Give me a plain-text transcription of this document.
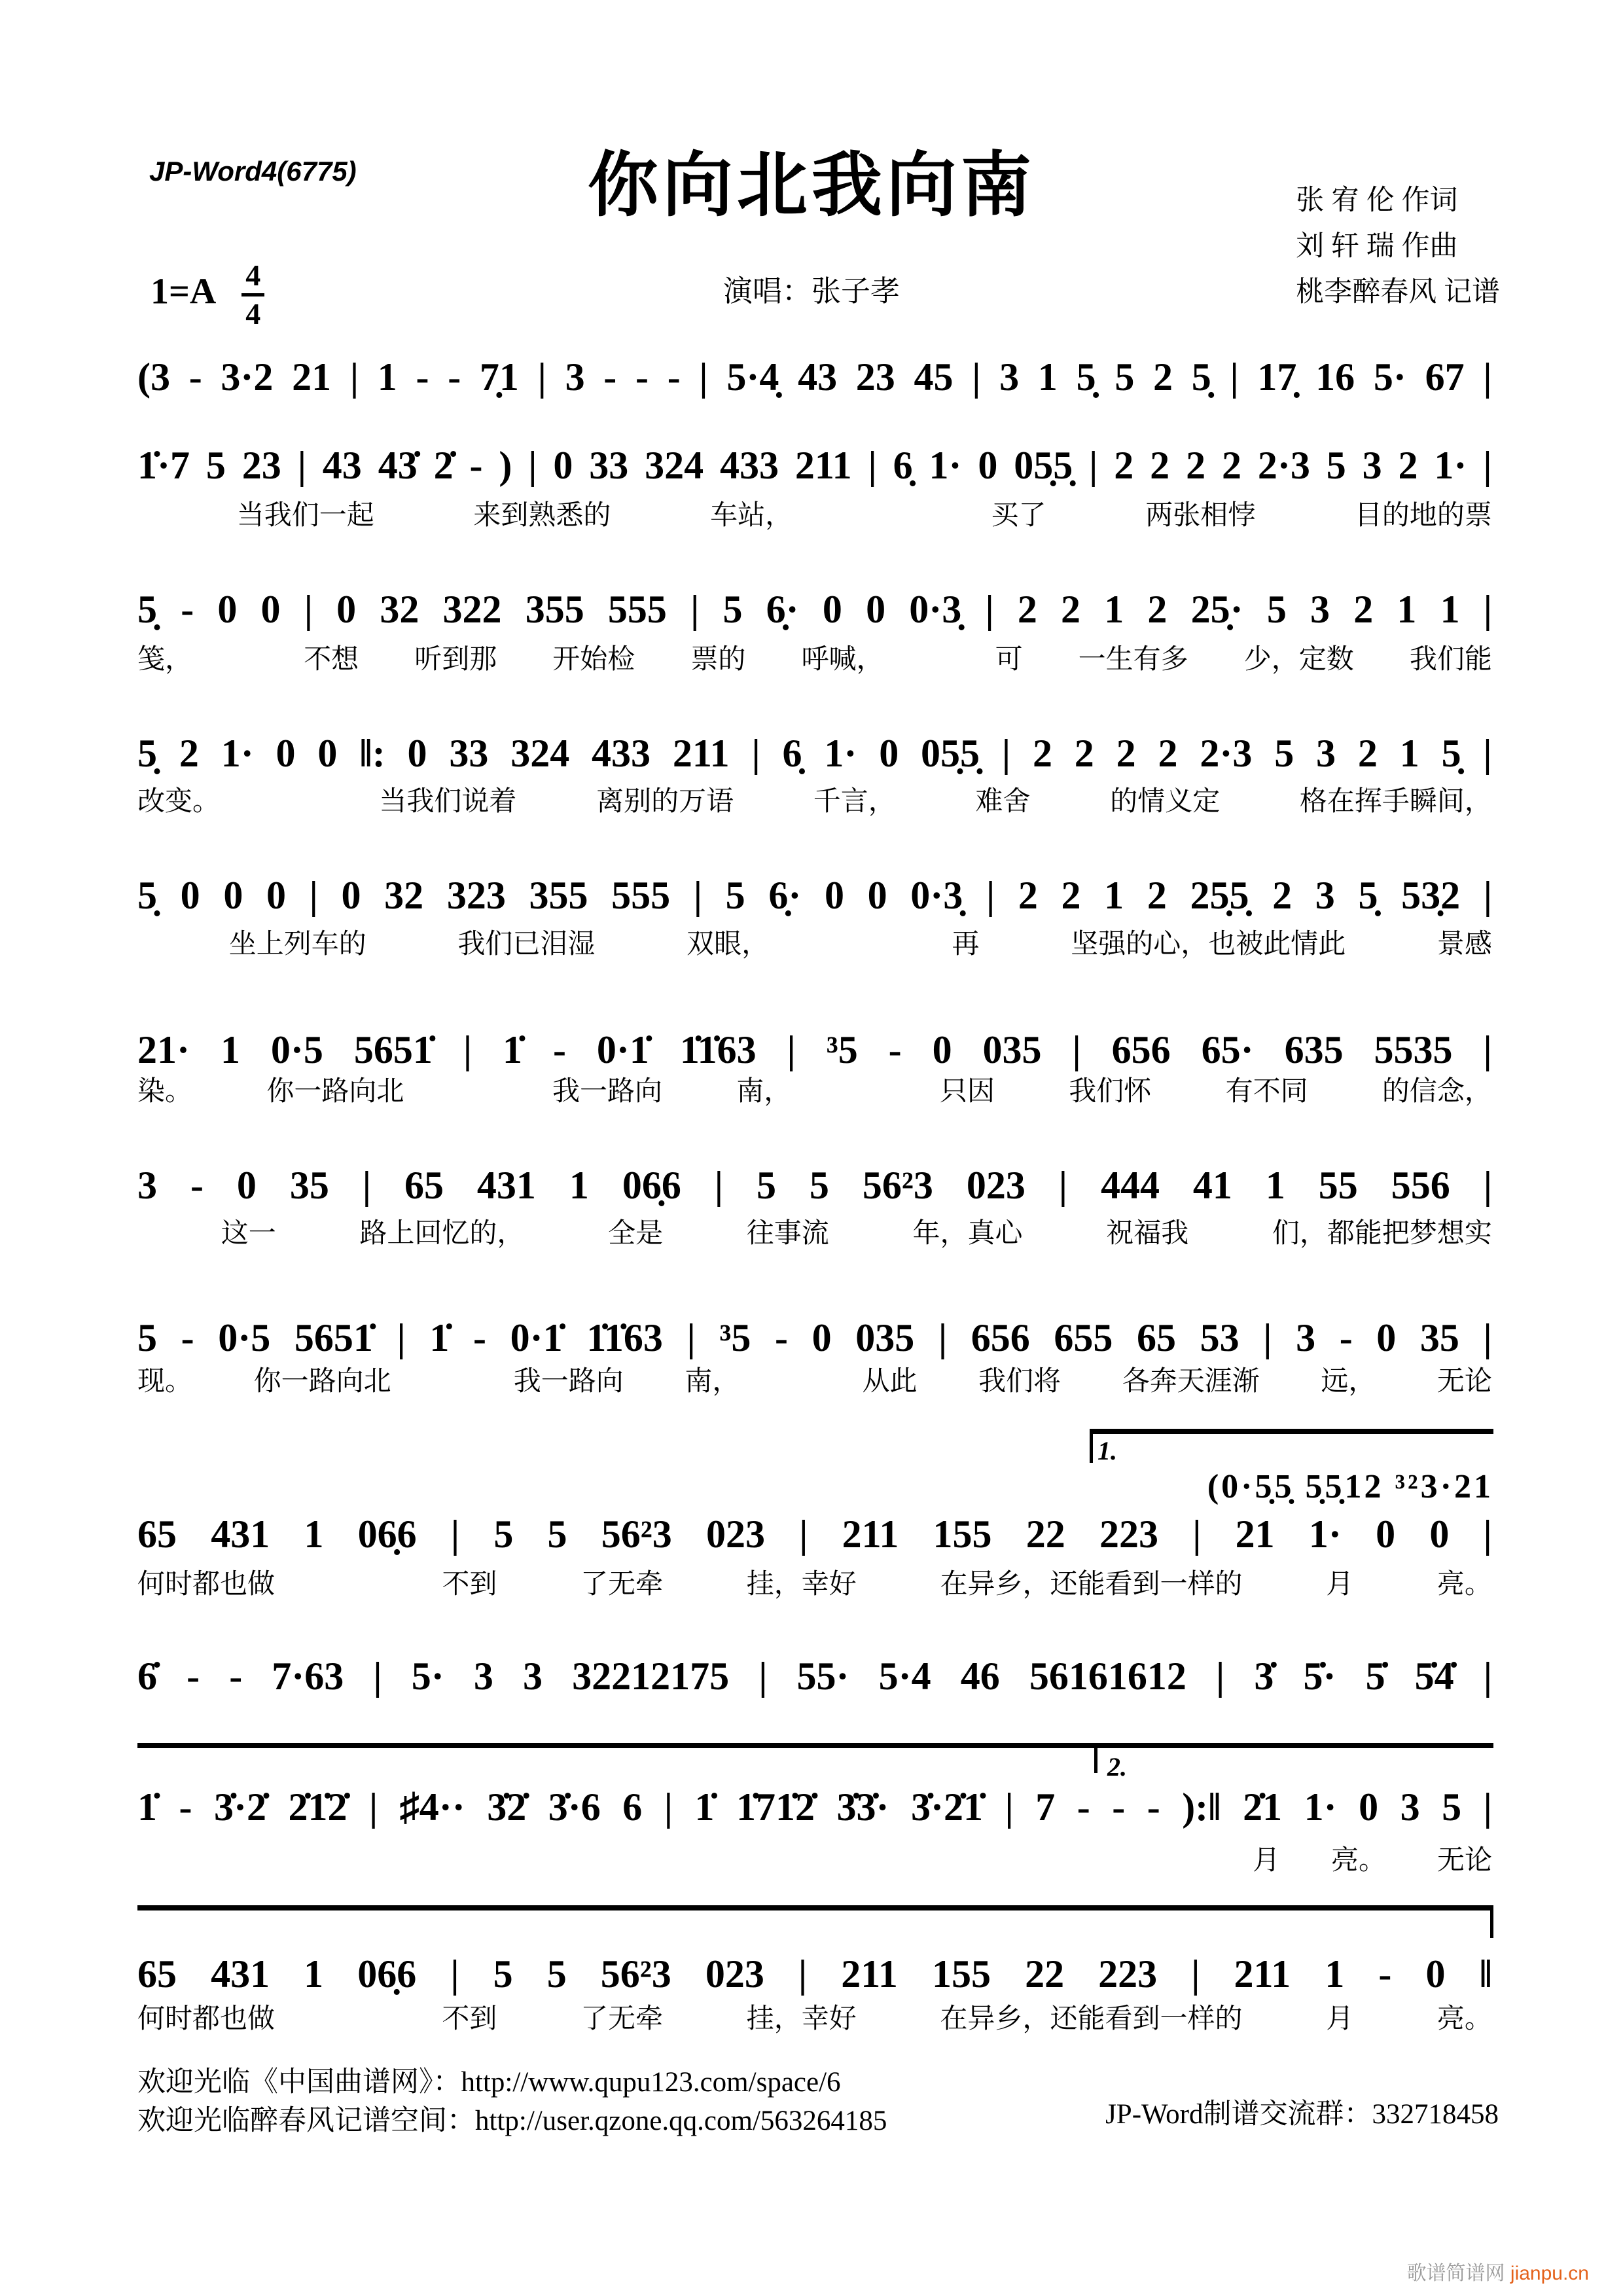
JP-Word4(6775)	你向北我向南	张 宥 伦 作词
刘 轩 瑞 作曲
桃李醉春风 记谱
$1=A \frac{4}{4}$	演唱：张子孝
1.
(0·5̣5̣ 5̣5̣12 ³²3·21
2.
(3 - 3·2 21 | 1 - - 7̣1 | 3 - - - | 5·4̣ 43 23 45 | 3 1 5̣ 5 2 5̣ | 17̣ 16 5· 67 |
1̇·7 5 23 | 43 43̇ 2̇ - ) | 0 33 324 433 211 | 6̣ 1· 0 05̣5̣ | 2 2 2 2 2·3 5 3 2 1· |
当我们一起	来到熟悉的	车站，	买了	两张相悖	目的地的票
5̣ - 0 0 | 0 32 322 355 555 | 5 6̣· 0 0 0·3̣ | 2 2 1 2 25̣· 5 3 2 1 1 |
笺，	不想 听到那 开始检 票的 呼喊，	可 一生有多 少，定数 我们能
5̣ 2 1· 0 0 ‖: 0 33 324 433 211 | 6̣ 1· 0 05̣5̣ | 2 2 2 2 2·3 5 3 2 1 5̣ |
改变。	当我们说着	离别的万语	千言，	难舍	的情义定	格在挥手瞬间，
5̣ 0 0 0 | 0 32 323 355 555 | 5 6̣· 0 0 0·3̣ | 2 2 1 2 25̣5̣ 2 3 5̣ 53̣2 |
坐上列车的	我们已泪湿	双眼，	再	坚强的心，也被此情此	景感
21· 1 0·5 5651̇ | 1̇ - 0·1̇ 1̇1̇63 | ³5 - 0 035 | 656 65· 635 5535 |
染。	你一路向北	我一路向	南，	只因	我们怀	有不同	的信念，
3 - 0 35 | 65 431 1 06̣6 | 5 5 56²3 023 | 444 41 1 55 556 |
这一	路上回忆的，	全是	往事流	年，真心	祝福我	们，都能把梦想实
5 - 0·5 5651̇ | 1̇ - 0·1̇ 1̇1̇63 | ³5 - 0 035 | 656 655 65 53 | 3 - 0 35 |
现。 你一路向北	我一路向 南，	从此 我们将 各奔天涯渐 远， 无论
65 431 1 06̣6 | 5 5 56²3 023 | 211 155 22 223 | 21 1· 0 0 |
何时都也做	不到	了无牵	挂，幸好	在异乡，还能看到一样的	月	亮。
6̇ - - 7·63 | 5· 3 3 32212175 | 55· 5·4 46 56161612 | 3̇ 5̇· 5̇ 5̇4̇ |
1̇ - 3̇·2̇ 2̇1̇2̇ | ♯4·· 3̇2̇ 3̇·6 6 | 1̇ 1̇71̇2̇ 3̇3̇· 3̇·2̇1̇ | 7 - - - ):‖ 2̇1 1· 0 3 5 |
月 亮。 无论
65 431 1 06̣6 | 5 5 56²3 023 | 211 155 22 223 | 211 1 - 0 ‖
何时都也做	不到	了无牵	挂，幸好	在异乡，还能看到一样的	月	亮。
欢迎光临《中国曲谱网》：http://www.qupu123.com/space/6
欢迎光临醉春风记谱空间：http://user.qzone.qq.com/563264185	JP-Word制谱交流群：332718458
歌谱简谱网 jianpu.cn
